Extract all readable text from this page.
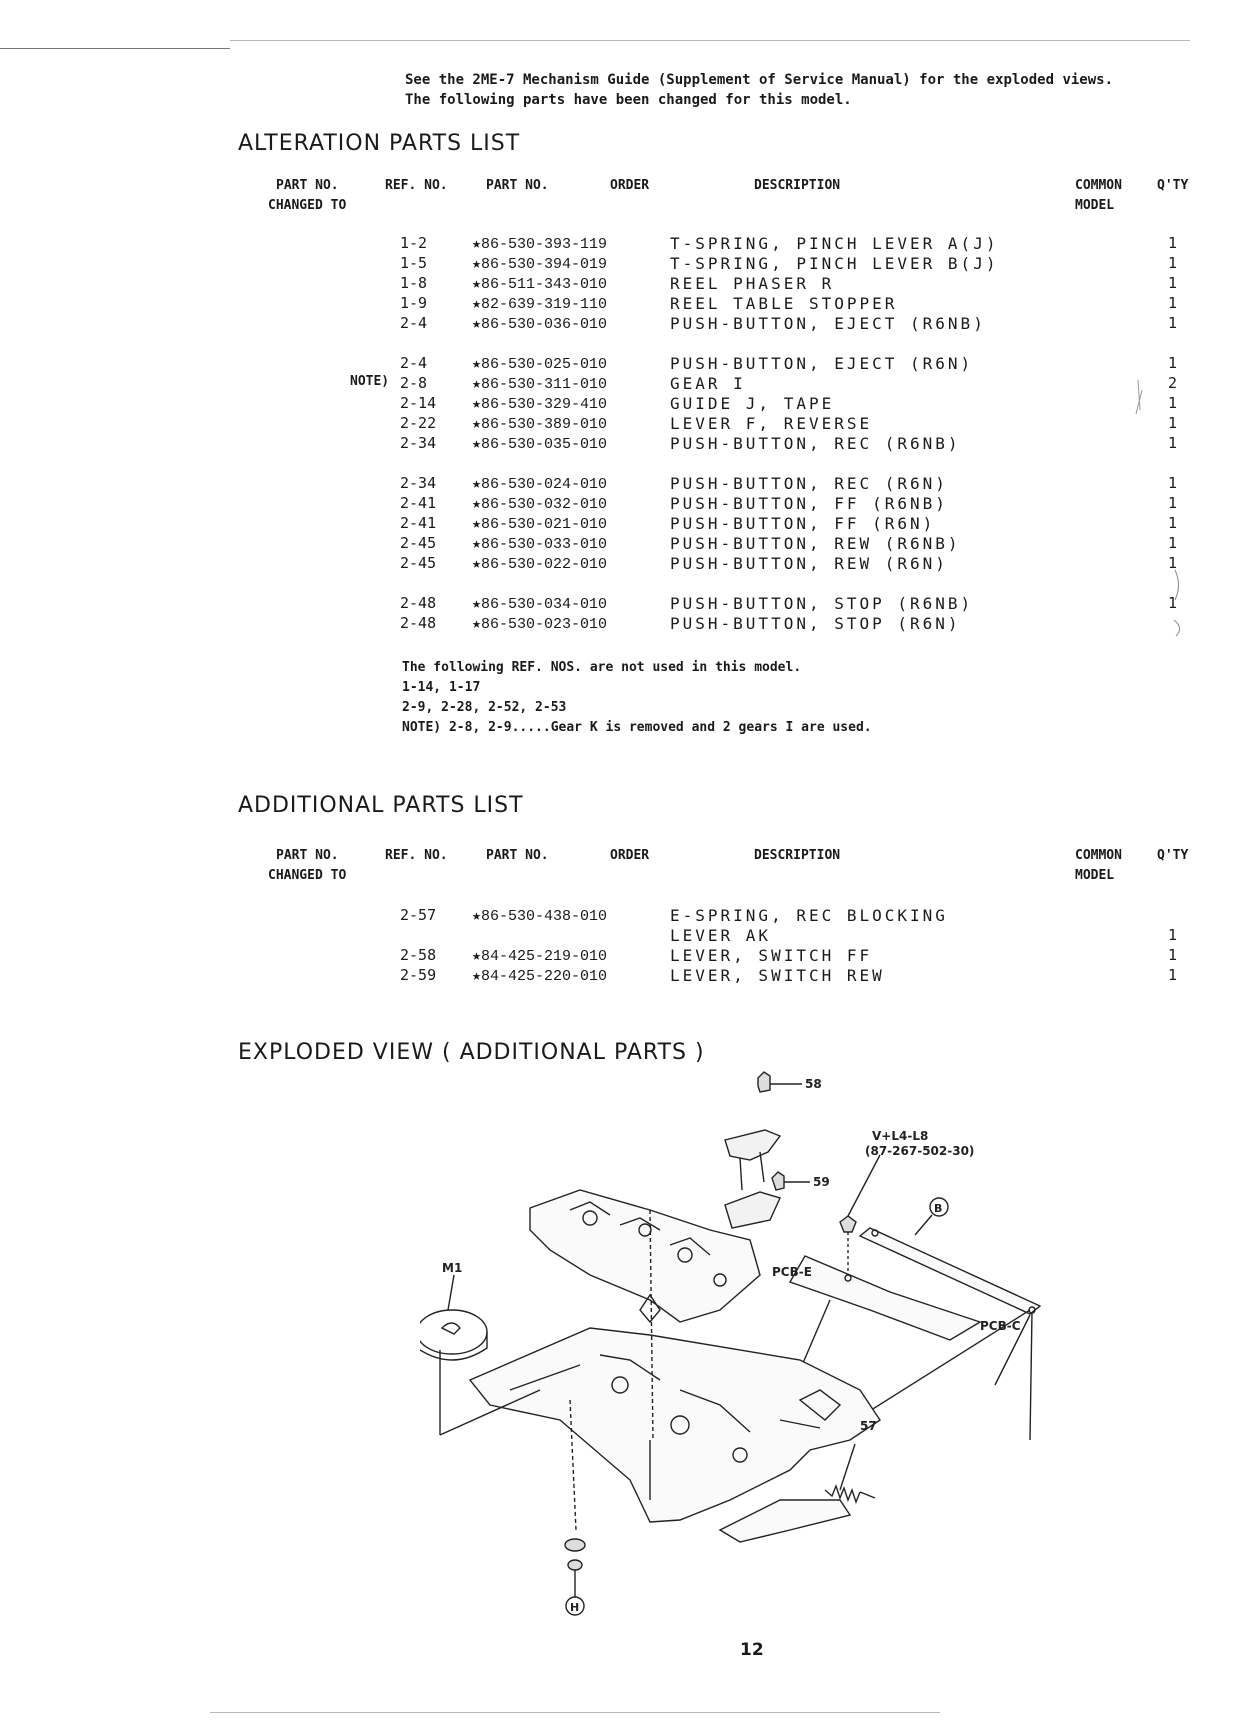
See the 2ME-7 Mechanism Guide (Supplement of Service Manual) for the exploded views.
The following parts have been changed for this model.
ALTERATION PARTS LIST
PART NO.
CHANGED TO
REF. NO.	PART NO.	ORDER	DESCRIPTION	COMMON
MODEL
Q'TY
1-2	★86-530-393-119	T-SPRING, PINCH LEVER A(J)	1
1-5	★86-530-394-019	T-SPRING, PINCH LEVER B(J)	1
1-8	★86-511-343-010	REEL PHASER R	1
1-9	★82-639-319-110	REEL TABLE STOPPER	1
2-4	★86-530-036-010	PUSH-BUTTON, EJECT (R6NB)	1
2-4	★86-530-025-010	PUSH-BUTTON, EJECT (R6N)	1
NOTE) 2-8	★86-530-311-010	GEAR I	2
2-14 ★86-530-329-410	GUIDE J, TAPE	1
2-22 ★86-530-389-010	LEVER F, REVERSE	1
2-34 ★86-530-035-010	PUSH-BUTTON, REC (R6NB)	1
2-34 ★86-530-024-010	PUSH-BUTTON, REC (R6N)	1
2-41 ★86-530-032-010	PUSH-BUTTON, FF (R6NB)	1
2-41 ★86-530-021-010	PUSH-BUTTON, FF (R6N)	1
2-45 ★86-530-033-010	PUSH-BUTTON, REW (R6NB)	1
2-45 ★86-530-022-010	PUSH-BUTTON, REW (R6N)	1
2-48 ★86-530-034-010	PUSH-BUTTON, STOP (R6NB)	1
2-48 ★86-530-023-010	PUSH-BUTTON, STOP (R6N)
The following REF. NOS. are not used in this model.
1-14, 1-17
2-9, 2-28, 2-52, 2-53
NOTE) 2-8, 2-9.....Gear K is removed and 2 gears I are used.
ADDITIONAL PARTS LIST
PART NO.
CHANGED TO
REF. NO.	PART NO.	ORDER	DESCRIPTION	COMMON
MODEL
Q'TY
2-57 ★86-530-438-010	E-SPRING, REC BLOCKING
LEVER AK	1
2-58 ★84-425-219-010	LEVER, SWITCH FF	1
2-59 ★84-425-220-010	LEVER, SWITCH REW	1
EXPLODED VIEW ( ADDITIONAL PARTS )
B
H
58
59
V+L4-L8
(87-267-502-30)
M1	PCB-E
PCB-C
57
12
